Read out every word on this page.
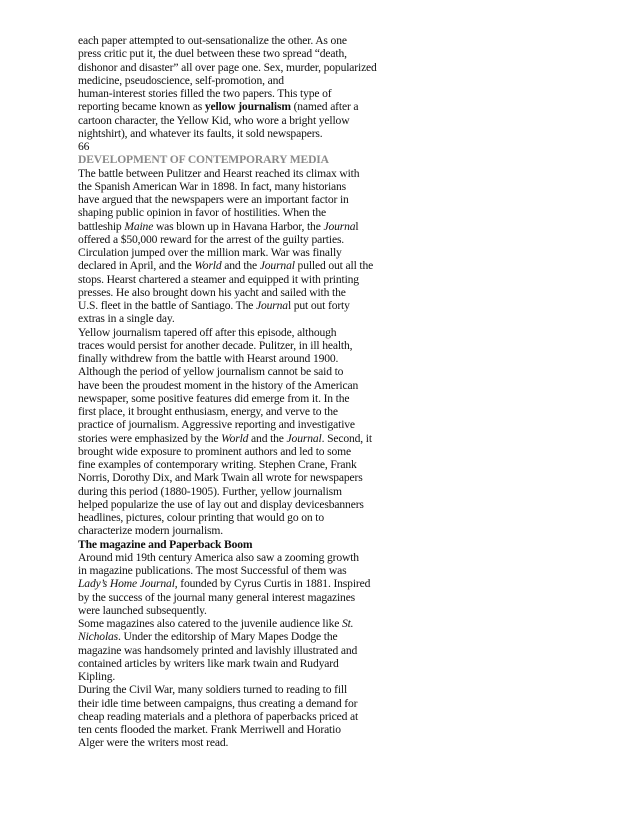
each paper attempted to out-sensationalize the other. As one
press critic put it, the duel between these two spread “death,
dishonor and disaster” all over page one. Sex, murder, popularized
medicine, pseudoscience, self-promotion, and
human-interest stories filled the two papers. This type of
reporting became known as yellow journalism (named after a
cartoon character, the Yellow Kid, who wore a bright yellow
nightshirt), and whatever its faults, it sold newspapers.
66
DEVELOPMENT OF CONTEMPORARY MEDIA
The battle between Pulitzer and Hearst reached its climax with
the Spanish American War in 1898. In fact, many historians
have argued that the newspapers were an important factor in
shaping public opinion in favor of hostilities. When the
battleship Maine was blown up in Havana Harbor, the Journal
offered a $50,000 reward for the arrest of the guilty parties.
Circulation jumped over the million mark. War was finally
declared in April, and the World and the Journal pulled out all the
stops. Hearst chartered a steamer and equipped it with printing
presses. He also brought down his yacht and sailed with the
U.S. fleet in the battle of Santiago. The Journal put out forty
extras in a single day.
Yellow journalism tapered off after this episode, although
traces would persist for another decade. Pulitzer, in ill health,
finally withdrew from the battle with Hearst around 1900.
Although the period of yellow journalism cannot be said to
have been the proudest moment in the history of the American
newspaper, some positive features did emerge from it. In the
first place, it brought enthusiasm, energy, and verve to the
practice of journalism. Aggressive reporting and investigative
stories were emphasized by the World and the Journal. Second, it
brought wide exposure to prominent authors and led to some
fine examples of contemporary writing. Stephen Crane, Frank
Norris, Dorothy Dix, and Mark Twain all wrote for newspapers
during this period (1880-1905). Further, yellow journalism
helped popularize the use of lay out and display devicesbanners
headlines, pictures, colour printing that would go on to
characterize modern journalism.
The magazine and Paperback Boom
Around mid 19th century America also saw a zooming growth
in magazine publications. The most Successful of them was
Lady’s Home Journal, founded by Cyrus Curtis in 1881. Inspired
by the success of the journal many general interest magazines
were launched subsequently.
Some magazines also catered to the juvenile audience like St.
Nicholas. Under the editorship of Mary Mapes Dodge the
magazine was handsomely printed and lavishly illustrated and
contained articles by writers like mark twain and Rudyard
Kipling.
During the Civil War, many soldiers turned to reading to fill
their idle time between campaigns, thus creating a demand for
cheap reading materials and a plethora of paperbacks priced at
ten cents flooded the market. Frank Merriwell and Horatio
Alger were the writers most read.
